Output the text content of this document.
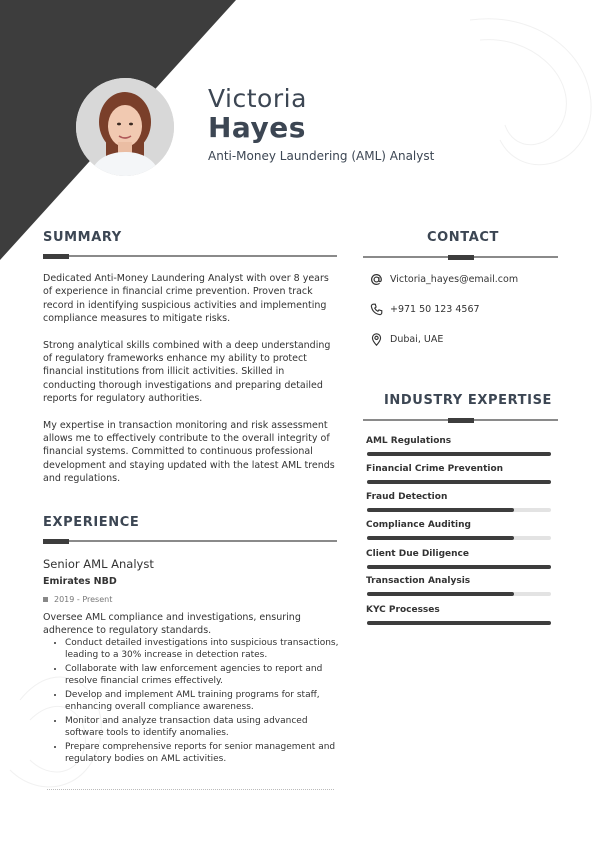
Victoria
Hayes
Anti-Money Laundering (AML) Analyst
SUMMARY

Dedicated Anti-Money Laundering Analyst with over 8 years of experience in financial crime prevention. Proven track record in identifying suspicious activities and implementing compliance measures to mitigate risks.

Strong analytical skills combined with a deep understanding of regulatory frameworks enhance my ability to protect financial institutions from illicit activities. Skilled in conducting thorough investigations and preparing detailed reports for regulatory authorities.

My expertise in transaction monitoring and risk assessment allows me to effectively contribute to the overall integrity of financial systems. Committed to continuous professional development and staying updated with the latest AML trends and regulations.

EXPERIENCE
Senior AML Analyst
Emirates NBD
2019 - Present
Oversee AML compliance and investigations, ensuring adherence to regulatory standards.
• Conduct detailed investigations into suspicious transactions, leading to a 30% increase in detection rates.
• Collaborate with law enforcement agencies to report and resolve financial crimes effectively.
• Develop and implement AML training programs for staff, enhancing overall compliance awareness.
• Monitor and analyze transaction data using advanced software tools to identify anomalies.
• Prepare comprehensive reports for senior management and regulatory bodies on AML activities.
CONTACT
Victoria_hayes@email.com
+971 50 123 4567
Dubai, UAE
INDUSTRY EXPERTISE
AML Regulations
Financial Crime Prevention
Fraud Detection
Compliance Auditing
Client Due Diligence
Transaction Analysis
KYC Processes
